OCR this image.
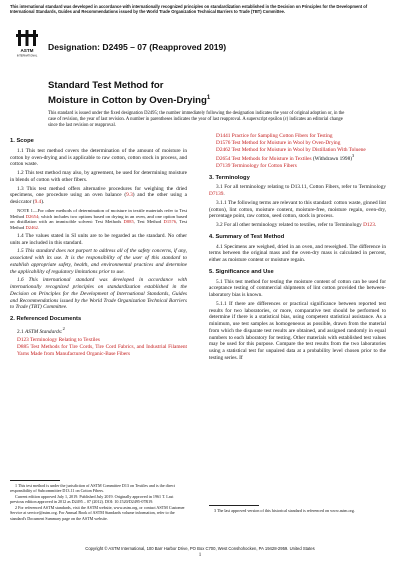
This international standard was developed in accordance with internationally recognized principles on standardization established in the Decision on Principles for the Development of International Standards, Guides and Recommendations issued by the World Trade Organization Technical Barriers to Trade (TBT) Committee.
ASTM
INTERNATIONAL
Designation: D2495 – 07 (Reapproved 2019)
Standard Test Method for
Moisture in Cotton by Oven-Drying$^1$
This standard is issued under the fixed designation D2495; the number immediately following the designation indicates the year of original adoption or, in the case of revision, the year of last revision. A number in parentheses indicates the year of last reapproval. A superscript epsilon (ε) indicates an editorial change since the last revision or reapproval.
1. Scope

1.1 This test method covers the determination of the amount of moisture in cotton by oven-drying and is applicable to raw cotton, cotton stock in process, and cotton waste.

1.2 This test method may also, by agreement, be used for determining moisture in blends of cotton with other fibers.

1.3 This test method offers alternative procedures for weighing the dried specimens, one procedure using an oven balance (9.3) and the other using a desiccator (9.4).

NOTE 1—For other methods of determination of moisture in textile materials refer to Test Method D2654; which includes two options based on drying in an oven, and one option based on distillation with an immiscible solvent: Test Methods D885, Test Method D1576, Test Method D2462.

1.4 The values stated in SI units are to be regarded as the standard. No other units are included in this standard.

1.5 This standard does not purport to address all of the safety concerns, if any, associated with its use. It is the responsibility of the user of this standard to establish appropriate safety, health, and environmental practices and determine the applicability of regulatory limitations prior to use.

1.6 This international standard was developed in accordance with internationally recognized principles on standardization established in the Decision on Principles for the Development of International Standards, Guides and Recommendations issued by the World Trade Organization Technical Barriers to Trade (TBT) Committee.

2. Referenced Documents

2.1 ASTM Standards:$^2$

D123 Terminology Relating to Textiles

D885 Test Methods for Tire Cords, Tire Cord Fabrics, and Industrial Filament Yarns Made from Manufactured Organic-Base Fibers

D1441 Practice for Sampling Cotton Fibers for Testing

D1576 Test Method for Moisture in Wool by Oven-Drying

D2462 Test Method for Moisture in Wool by Distillation With Toluene

D2654 Test Methods for Moisture in Textiles (Withdrawn 1998)$^3$

D7139 Terminology for Cotton Fibers

3. Terminology

3.1 For all terminology relating to D13.11, Cotton Fibers, refer to Terminology D7139.

3.1.1 The following terms are relevant to this standard: cotton waste, ginned lint (cotton), lint cotton, moisture content, moisture-free, moisture regain, oven-dry, percentage point, raw cotton, seed cotton, stock in process.

3.2 For all other terminology related to textiles, refer to Terminology D123.

4. Summary of Test Method

4.1 Specimens are weighed, dried in an oven, and reweighed. The difference in terms between the original mass and the oven-dry mass is calculated in percent, either as moisture content or moisture regain.

5. Significance and Use

5.1 This test method for testing the moisture content of cotton can be used for acceptance testing of commercial shipments of lint cotton provided the between-laboratory bias is known.

5.1.1 If there are differences or practical significance between reported test results for two laboratories, or more, comparative test should be performed to determine if there is a statistical bias, using competent statistical assistance. As a minimum, use test samples as homogeneous as possible, drawn from the material from which the disparate test results are obtained, and assigned randomly in equal numbers to each laboratory for testing. Other materials with established test values may be used for this purpose. Compare the test results from the two laboratories using a statistical test for unpaired data at a probability level chosen prior to the testing series. If

1 This test method is under the jurisdiction of ASTM Committee D13 on Textiles and is the direct responsibility of Subcommittee D13.11 on Cotton Fibers.

Current edition approved July 1, 2019. Published July 2019. Originally approved in 1961 T. Last previous edition approved in 2012 as D2495 – 07 (2012). DOI: 10.1520/D2495-07R19.

2 For referenced ASTM standards, visit the ASTM website, www.astm.org, or contact ASTM Customer Service at service@astm.org. For Annual Book of ASTM Standards volume information, refer to the standard's Document Summary page on the ASTM website.

3 The last approved version of this historical standard is referenced on www.astm.org.

Copyright © ASTM International, 100 Barr Harbor Drive, PO Box C700, West Conshohocken, PA 19428-2959. United States
1
